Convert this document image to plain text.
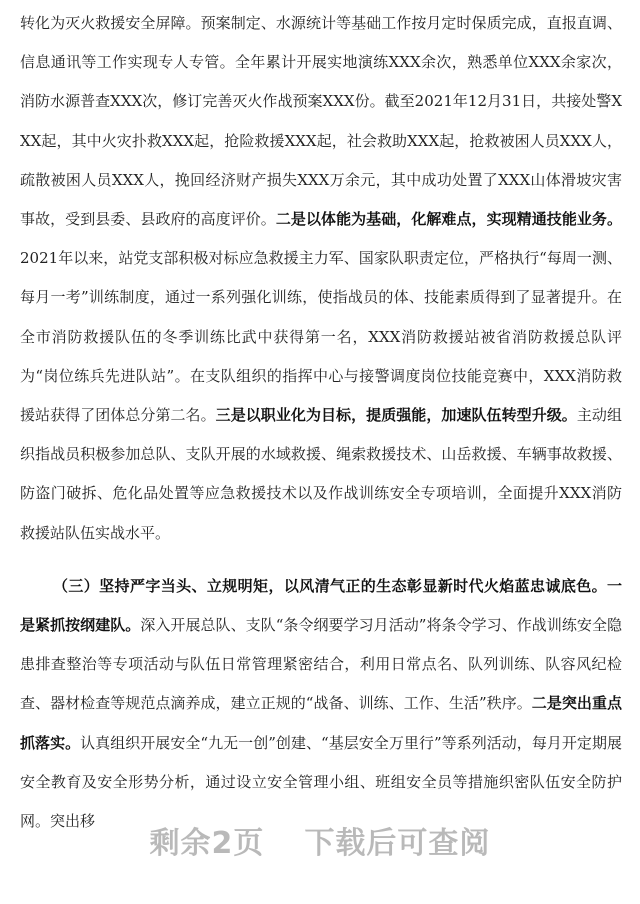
转化为灭火救援安全屏障。预案制定、水源统计等基础工作按月定时保质完成，直报直调、信息通讯等工作实现专人专管。全年累计开展实地演练XXX余次，熟悉单位XXX余家次，消防水源普查XXX次，修订完善灭火作战预案XXX份。截至2021年12月31日，共接处警XXX起，其中火灾扑救XXX起，抢险救援XXX起，社会救助XXX起，抢救被困人员XXX人，疏散被困人员XXX人，挽回经济财产损失XXX万余元，其中成功处置了XXX山体滑坡灾害事故，受到县委、县政府的高度评价。二是以体能为基础，化解难点，实现精通技能业务。2021年以来，站党支部积极对标应急救援主力军、国家队职责定位，严格执行“每周一测、每月一考”训练制度，通过一系列强化训练，使指战员的体、技能素质得到了显著提升。在全市消防救援队伍的冬季训练比武中获得第一名，XXX消防救援站被省消防救援总队评为“岗位练兵先进队站”。在支队组织的指挥中心与接警调度岗位技能竞赛中，XXX消防救援站获得了团体总分第二名。三是以职业化为目标，提质强能，加速队伍转型升级。主动组织指战员积极参加总队、支队开展的水域救援、绳索救援技术、山岳救援、车辆事故救援、防盗门破拆、危化品处置等应急救援技术以及作战训练安全专项培训，全面提升XXX消防救援站队伍实战水平。

（三）坚持严字当头、立规明矩，以风清气正的生态彰显新时代火焰蓝忠诚底色。一是紧抓按纲建队。深入开展总队、支队“条令纲要学习月活动”将条令学习、作战训练安全隐患排查整治等专项活动与队伍日常管理紧密结合，利用日常点名、队列训练、队容风纪检查、器材检查等规范点滴养成，建立正规的“战备、训练、工作、生活”秩序。二是突出重点抓落实。认真组织开展安全“九无一创”创建、“基层安全万里行”等系列活动，每月开定期展安全教育及安全形势分析，通过设立安全管理小组、班组安全员等措施织密队伍安全防护网。突出移

剩余2页 下载后可查阅
